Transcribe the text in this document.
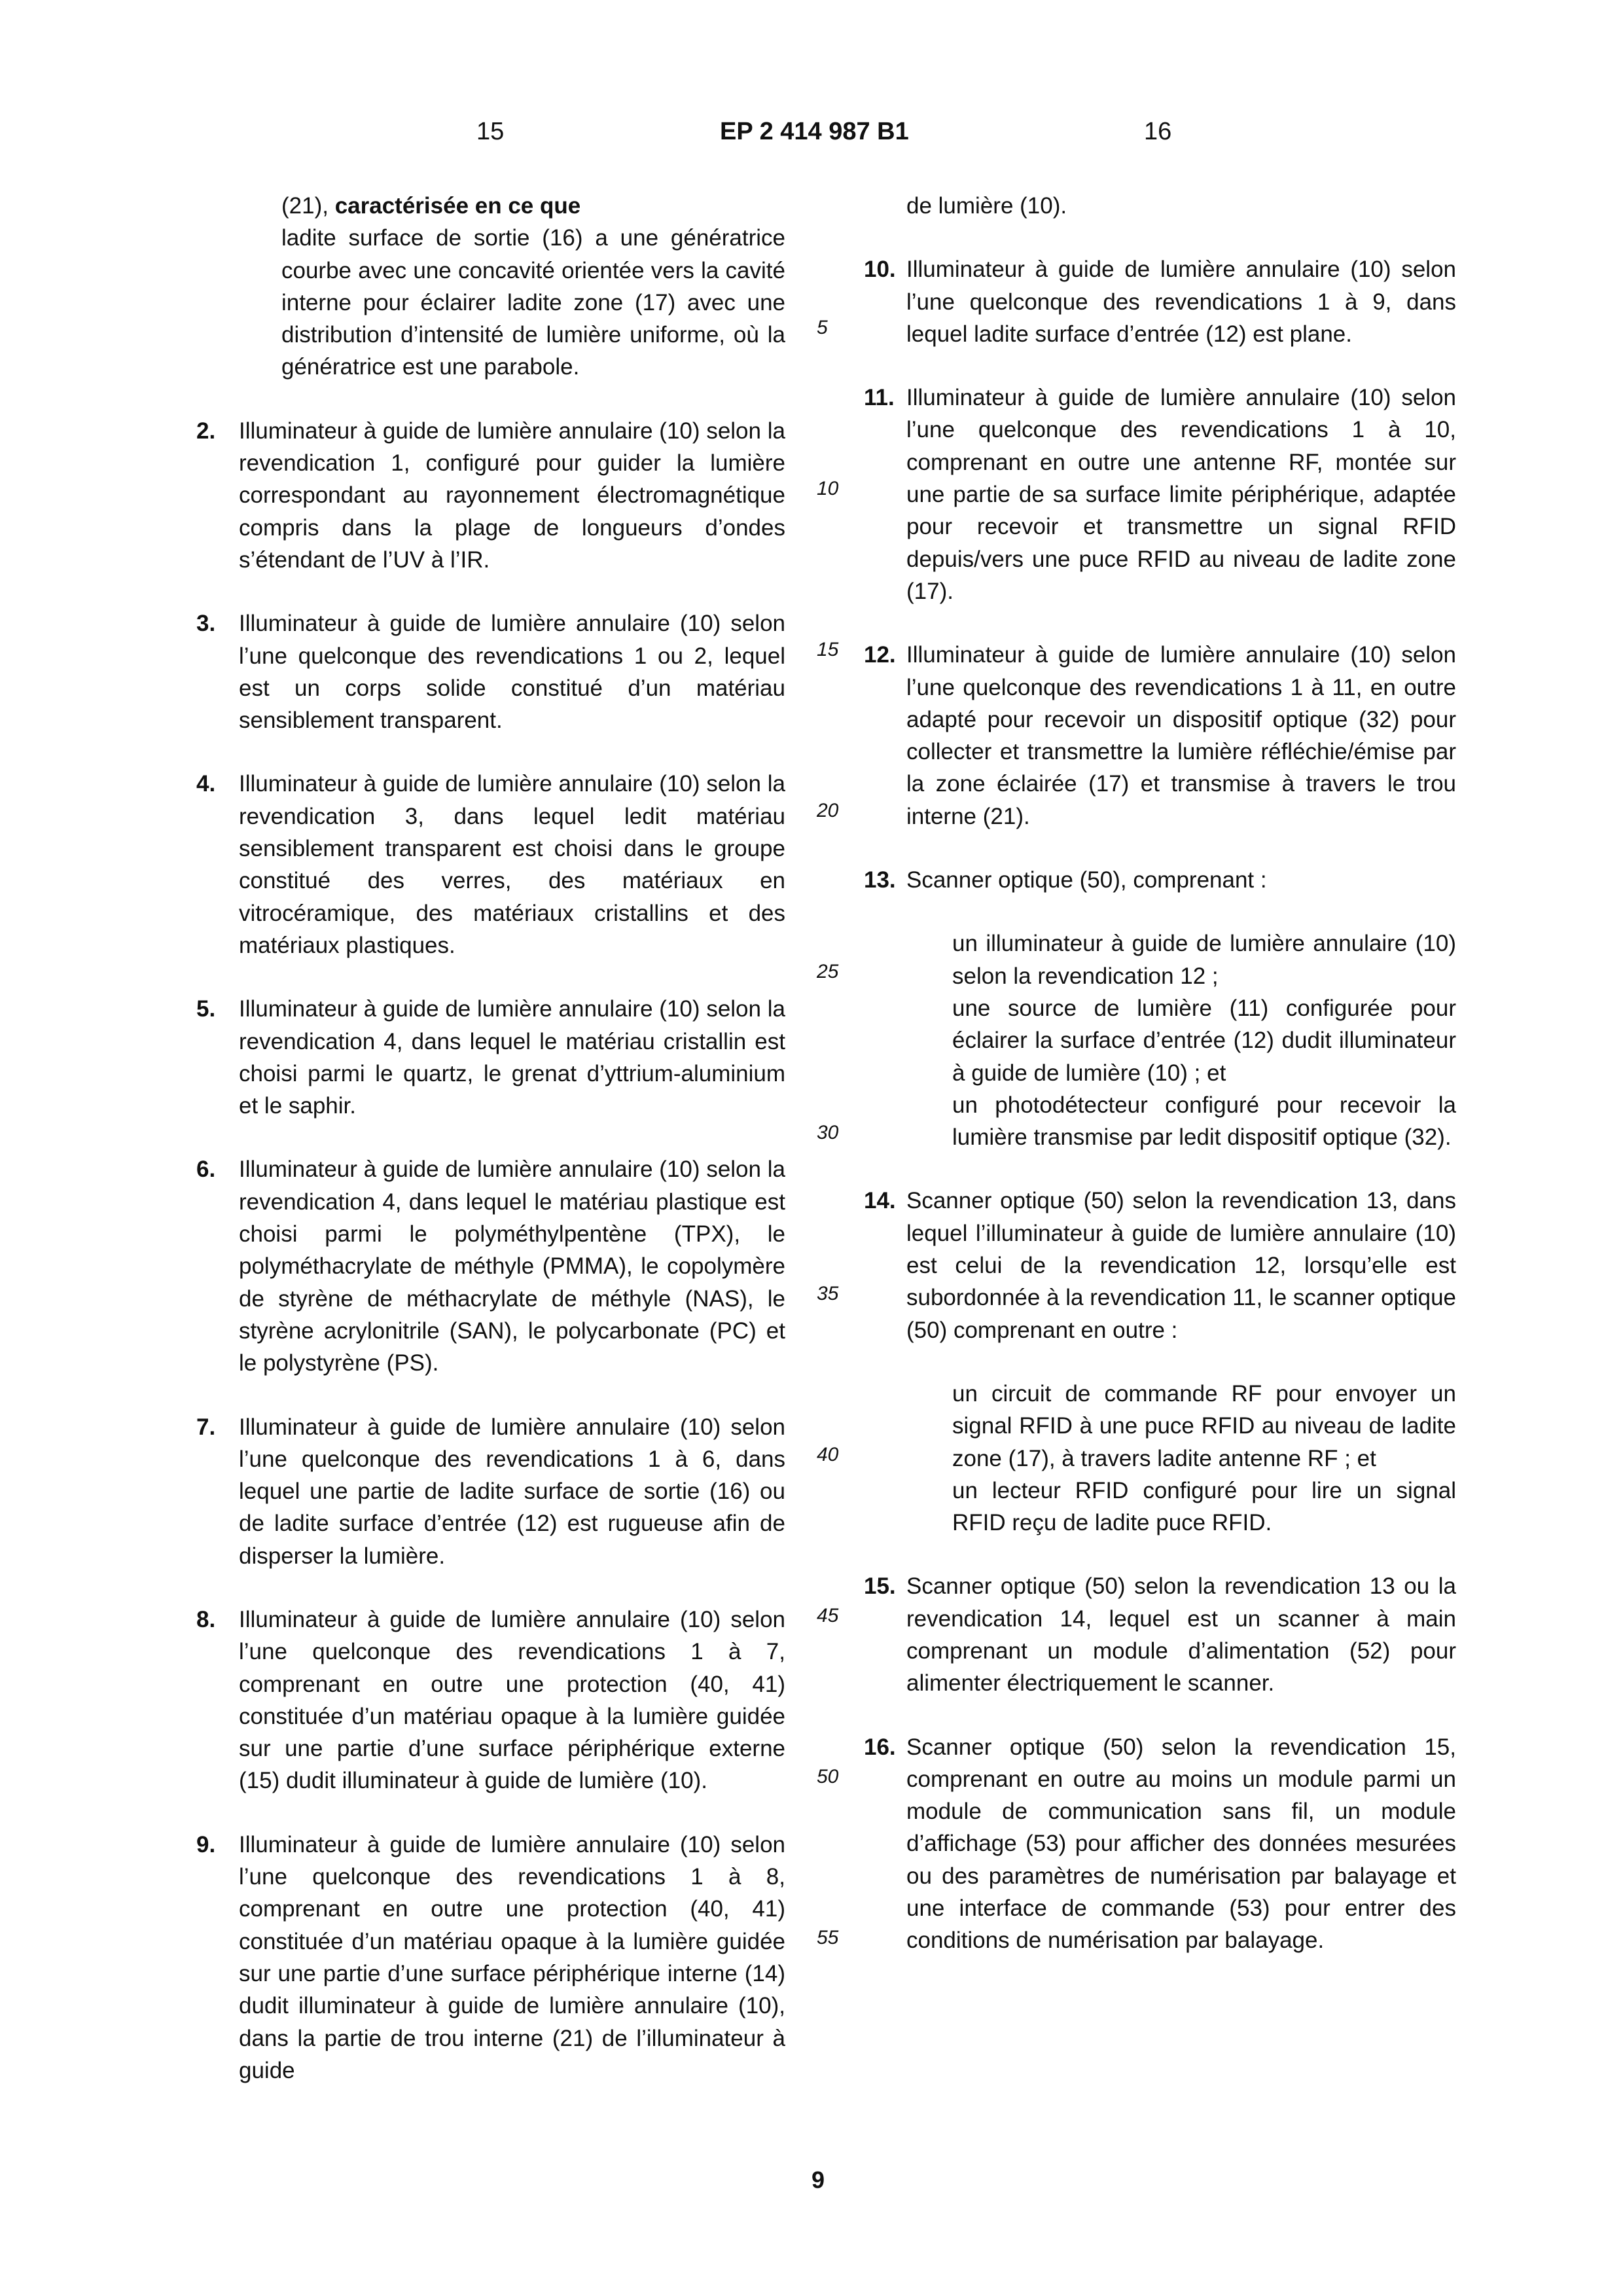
15	EP 2 414 987 B1	16
(21), caractérisée en ce que
ladite surface de sortie (16) a une génératrice courbe avec une concavité orientée vers la cavité interne pour éclairer ladite zone (17) avec une distribution d’intensité de lumière uniforme, où la génératrice est une parabole.
2.	Illuminateur à guide de lumière annulaire (10) selon la revendication 1, configuré pour guider la lumière correspondant au rayonnement électromagnétique compris dans la plage de longueurs d’ondes s’étendant de l’UV à l’IR.
3.	Illuminateur à guide de lumière annulaire (10) selon l’une quelconque des revendications 1 ou 2, lequel est un corps solide constitué d’un matériau sensiblement transparent.
4.	Illuminateur à guide de lumière annulaire (10) selon la revendication 3, dans lequel ledit matériau sensiblement transparent est choisi dans le groupe constitué des verres, des matériaux en vitrocéramique, des matériaux cristallins et des matériaux plastiques.
5.	Illuminateur à guide de lumière annulaire (10) selon la revendication 4, dans lequel le matériau cristallin est choisi parmi le quartz, le grenat d’yttrium-aluminium et le saphir.
6.	Illuminateur à guide de lumière annulaire (10) selon la revendication 4, dans lequel le matériau plastique est choisi parmi le polyméthylpentène (TPX), le polyméthacrylate de méthyle (PMMA), le copolymère de styrène de méthacrylate de méthyle (NAS), le styrène acrylonitrile (SAN), le polycarbonate (PC) et le polystyrène (PS).
7.	Illuminateur à guide de lumière annulaire (10) selon l’une quelconque des revendications 1 à 6, dans lequel une partie de ladite surface de sortie (16) ou de ladite surface d’entrée (12) est rugueuse afin de disperser la lumière.
8.	Illuminateur à guide de lumière annulaire (10) selon l’une quelconque des revendications 1 à 7, comprenant en outre une protection (40, 41) constituée d’un matériau opaque à la lumière guidée sur une partie d’une surface périphérique externe (15) dudit illuminateur à guide de lumière (10).
9.	Illuminateur à guide de lumière annulaire (10) selon l’une quelconque des revendications 1 à 8, comprenant en outre une protection (40, 41) constituée d’un matériau opaque à la lumière guidée sur une partie d’une surface périphérique interne (14) dudit illuminateur à guide de lumière annulaire (10), dans la partie de trou interne (21) de l’illuminateur à guide
de lumière (10).
10. Illuminateur à guide de lumière annulaire (10) selon l’une quelconque des revendications 1 à 9, dans lequel ladite surface d’entrée (12) est plane.
11. Illuminateur à guide de lumière annulaire (10) selon l’une quelconque des revendications 1 à 10, comprenant en outre une antenne RF, montée sur une partie de sa surface limite périphérique, adaptée pour recevoir et transmettre un signal RFID depuis/vers une puce RFID au niveau de ladite zone (17).
12. Illuminateur à guide de lumière annulaire (10) selon l’une quelconque des revendications 1 à 11, en outre adapté pour recevoir un dispositif optique (32) pour collecter et transmettre la lumière réfléchie/émise par la zone éclairée (17) et transmise à travers le trou interne (21).
13. Scanner optique (50), comprenant :
un illuminateur à guide de lumière annulaire (10) selon la revendication 12 ;
une source de lumière (11) configurée pour éclairer la surface d’entrée (12) dudit illuminateur à guide de lumière (10) ; et
un photodétecteur configuré pour recevoir la lumière transmise par ledit dispositif optique (32).
14. Scanner optique (50) selon la revendication 13, dans lequel l’illuminateur à guide de lumière annulaire (10) est celui de la revendication 12, lorsqu’elle est subordonnée à la revendication 11, le scanner optique (50) comprenant en outre :
un circuit de commande RF pour envoyer un signal RFID à une puce RFID au niveau de ladite zone (17), à travers ladite antenne RF ; et
un lecteur RFID configuré pour lire un signal RFID reçu de ladite puce RFID.
15. Scanner optique (50) selon la revendication 13 ou la revendication 14, lequel est un scanner à main comprenant un module d’alimentation (52) pour alimenter électriquement le scanner.
16. Scanner optique (50) selon la revendication 15, comprenant en outre au moins un module parmi un module de communication sans fil, un module d’affichage (53) pour afficher des données mesurées ou des paramètres de numérisation par balayage et une interface de commande (53) pour entrer des conditions de numérisation par balayage.
5
10
15
20
25
30
35
40
45
50
55
9
